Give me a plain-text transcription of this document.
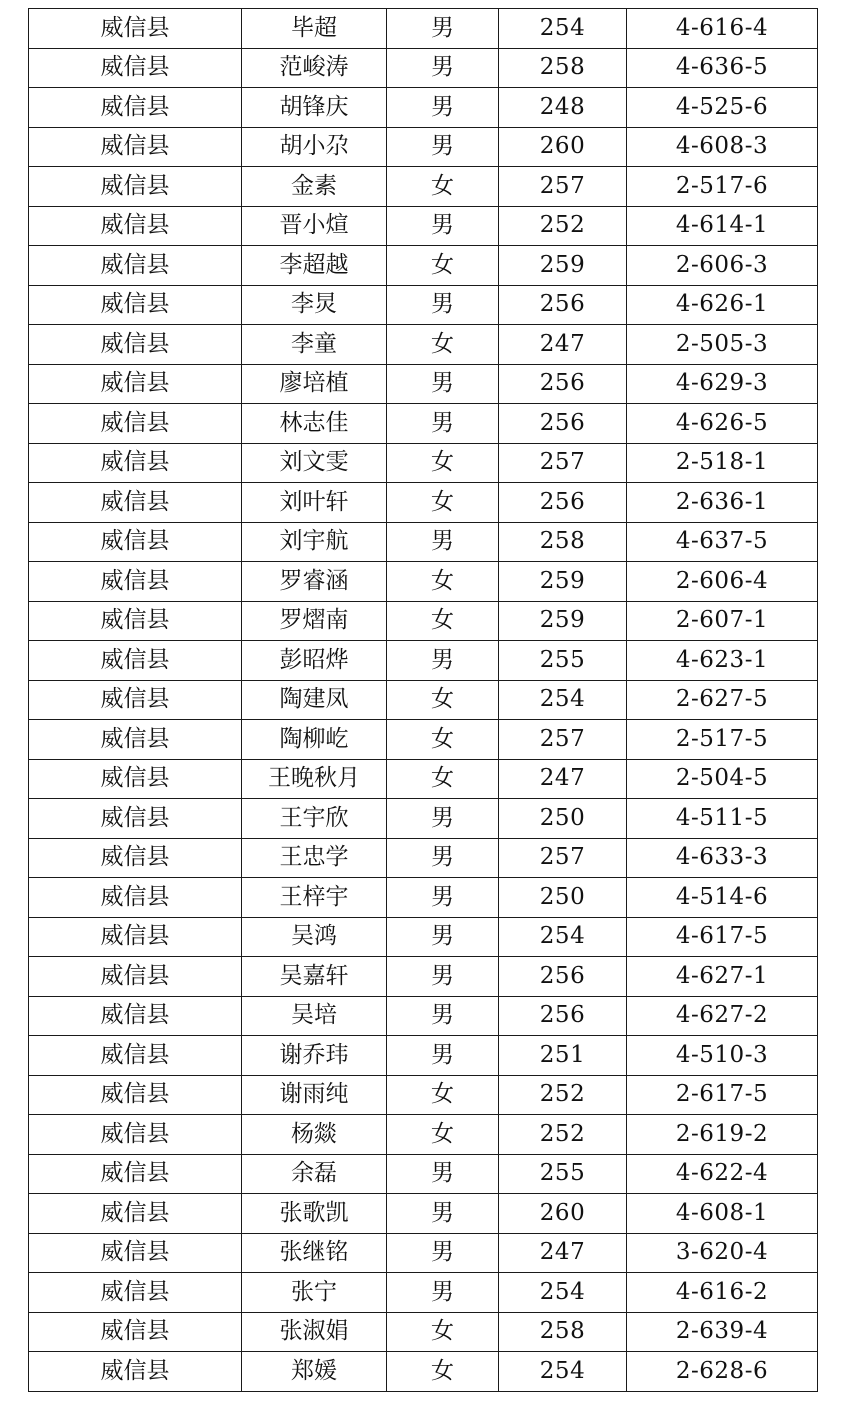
威信县	毕超	男	254	4-616-4
威信县	范峻涛	男	258	4-636-5
威信县	胡锋庆	男	248	4-525-6
威信县	胡小尕	男	260	4-608-3
威信县	金素	女	257	2-517-6
威信县	晋小煊	男	252	4-614-1
威信县	李超越	女	259	2-606-3
威信县	李炅	男	256	4-626-1
威信县	李童	女	247	2-505-3
威信县	廖培植	男	256	4-629-3
威信县	林志佳	男	256	4-626-5
威信县	刘文雯	女	257	2-518-1
威信县	刘叶轩	女	256	2-636-1
威信县	刘宇航	男	258	4-637-5
威信县	罗睿涵	女	259	2-606-4
威信县	罗熠南	女	259	2-607-1
威信县	彭昭烨	男	255	4-623-1
威信县	陶建凤	女	254	2-627-5
威信县	陶柳屹	女	257	2-517-5
威信县	王晚秋月	女	247	2-504-5
威信县	王宇欣	男	250	4-511-5
威信县	王忠学	男	257	4-633-3
威信县	王梓宇	男	250	4-514-6
威信县	吴鸿	男	254	4-617-5
威信县	吴嘉轩	男	256	4-627-1
威信县	吴培	男	256	4-627-2
威信县	谢乔玮	男	251	4-510-3
威信县	谢雨纯	女	252	2-617-5
威信县	杨燚	女	252	2-619-2
威信县	余磊	男	255	4-622-4
威信县	张歌凯	男	260	4-608-1
威信县	张继铭	男	247	3-620-4
威信县	张宁	男	254	4-616-2
威信县	张淑娟	女	258	2-639-4
威信县	郑媛	女	254	2-628-6
